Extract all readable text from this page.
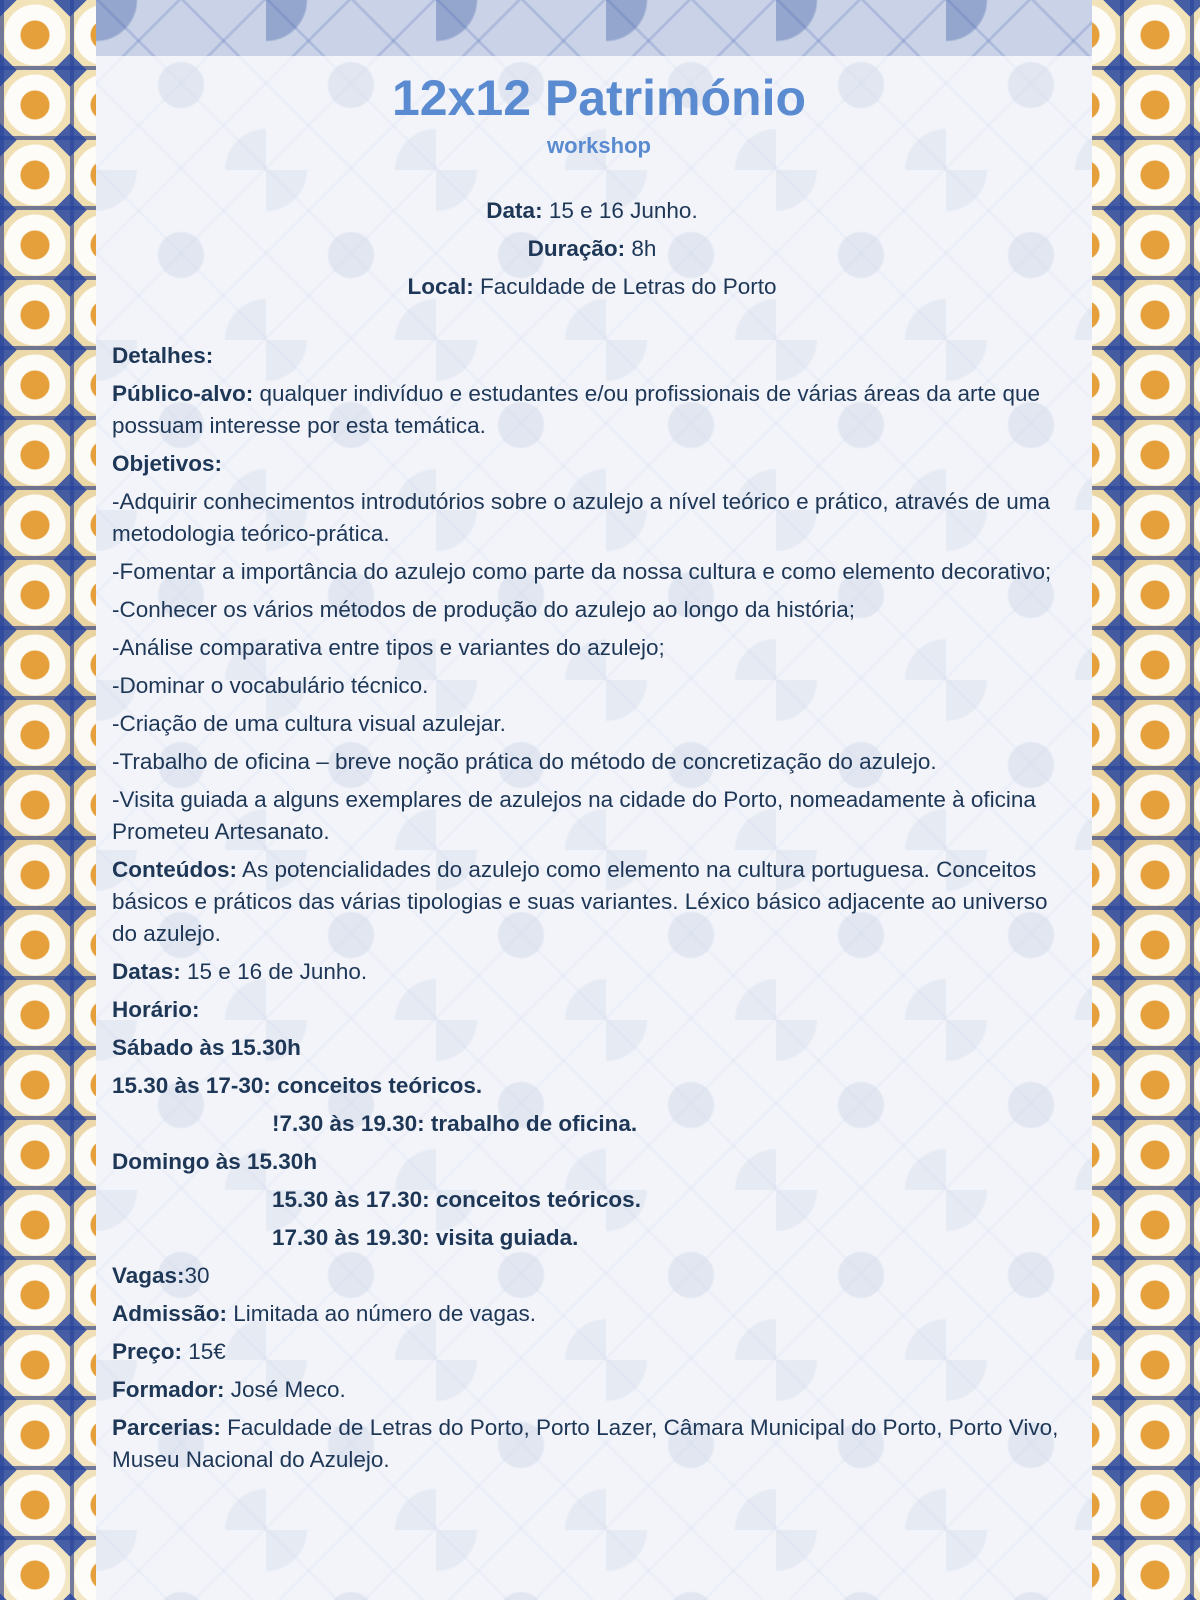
12x12 Património
workshop

Data: 15 e 16 Junho.

Duração: 8h

Local: Faculdade de Letras do Porto

Detalhes:

Público-alvo: qualquer indivíduo e estudantes e/ou profissionais de várias áreas da arte que possuam interesse por esta temática.

Objetivos:

-Adquirir conhecimentos introdutórios sobre o azulejo a nível teórico e prático, através de uma metodologia teórico-prática.

-Fomentar a importância do azulejo como parte da nossa cultura e como elemento decorativo;

-Conhecer os vários métodos de produção do azulejo ao longo da história;

-Análise comparativa entre tipos e variantes do azulejo;

-Dominar o vocabulário técnico.

-Criação de uma cultura visual azulejar.

-Trabalho de oficina – breve noção prática do método de concretização do azulejo.

-Visita guiada a alguns exemplares de azulejos na cidade do Porto, nomeadamente à oficina Prometeu Artesanato.

Conteúdos: As potencialidades do azulejo como elemento na cultura portuguesa. Conceitos básicos e práticos das várias tipologias e suas variantes. Léxico básico adjacente ao universo do azulejo.

Datas: 15 e 16 de Junho.

Horário:

Sábado às 15.30h

15.30 às 17-30: conceitos teóricos.

!7.30 às 19.30: trabalho de oficina.

Domingo às 15.30h

15.30 às 17.30: conceitos teóricos.

17.30 às 19.30: visita guiada.

Vagas:30

Admissão: Limitada ao número de vagas.

Preço: 15€

Formador: José Meco.

Parcerias: Faculdade de Letras do Porto, Porto Lazer, Câmara Municipal do Porto, Porto Vivo, Museu Nacional do Azulejo.
